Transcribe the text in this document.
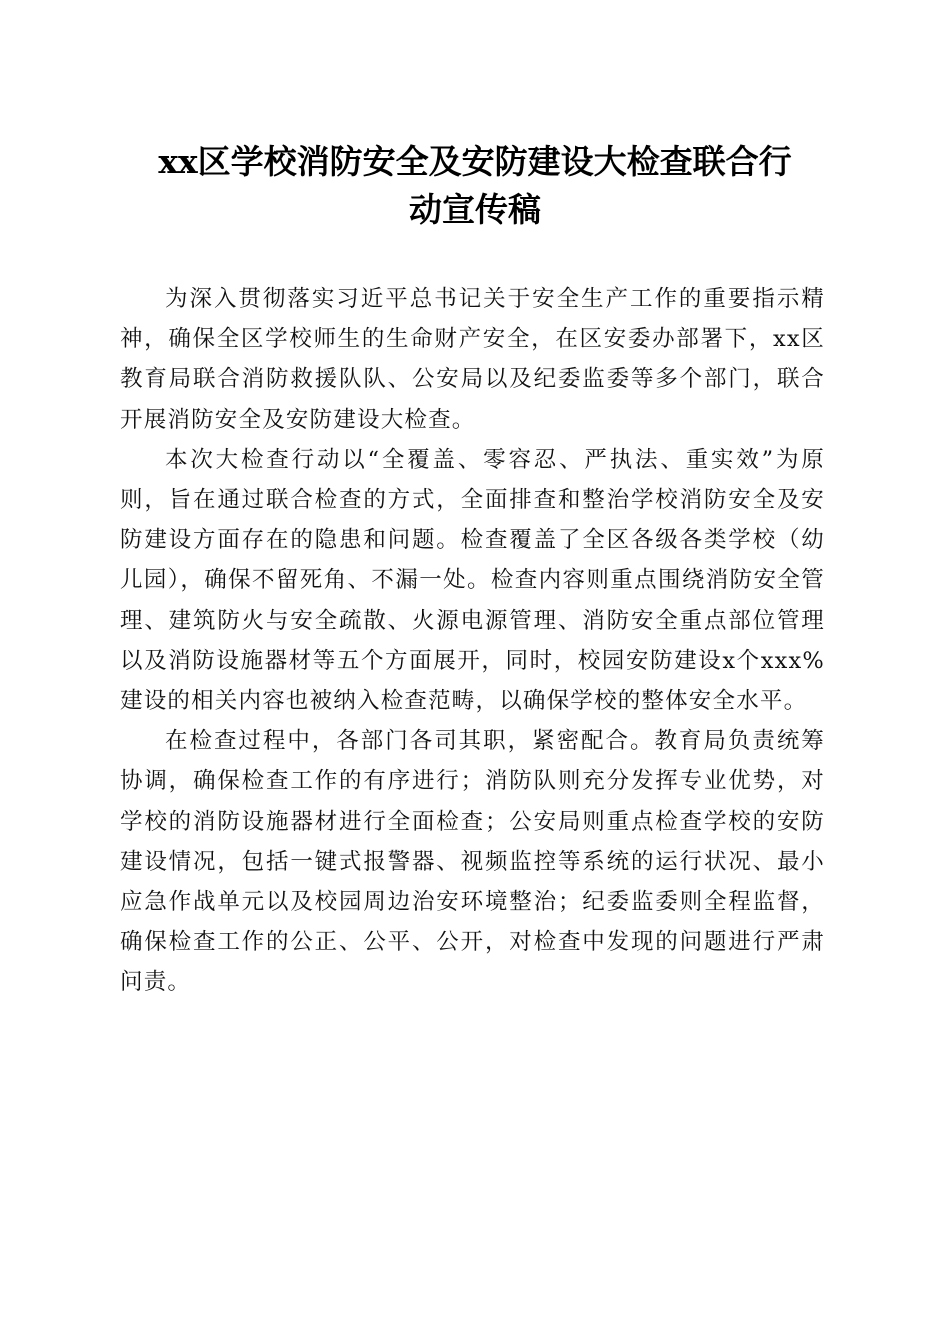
xx区学校消防安全及安防建设大检查联合行
动宣传稿

为深入贯彻落实习近平总书记关于安全生产工作的重要指示精神，确保全区学校师生的生命财产安全，在区安委办部署下，xx区教育局联合消防救援队队、公安局以及纪委监委等多个部门，联合开展消防安全及安防建设大检查。

本次大检查行动以“全覆盖、零容忍、严执法、重实效”为原则，旨在通过联合检查的方式，全面排查和整治学校消防安全及安防建设方面存在的隐患和问题。检查覆盖了全区各级各类学校（幼儿园），确保不留死角、不漏一处。检查内容则重点围绕消防安全管理、建筑防火与安全疏散、火源电源管理、消防安全重点部位管理以及消防设施器材等五个方面展开，同时，校园安防建设x个xxx%建设的相关内容也被纳入检查范畴，以确保学校的整体安全水平。

在检查过程中，各部门各司其职，紧密配合。教育局负责统筹协调，确保检查工作的有序进行；消防队则充分发挥专业优势，对学校的消防设施器材进行全面检查；公安局则重点检查学校的安防建设情况，包括一键式报警器、视频监控等系统的运行状况、最小应急作战单元以及校园周边治安环境整治；纪委监委则全程监督，确保检查工作的公正、公平、公开，对检查中发现的问题进行严肃问责。
